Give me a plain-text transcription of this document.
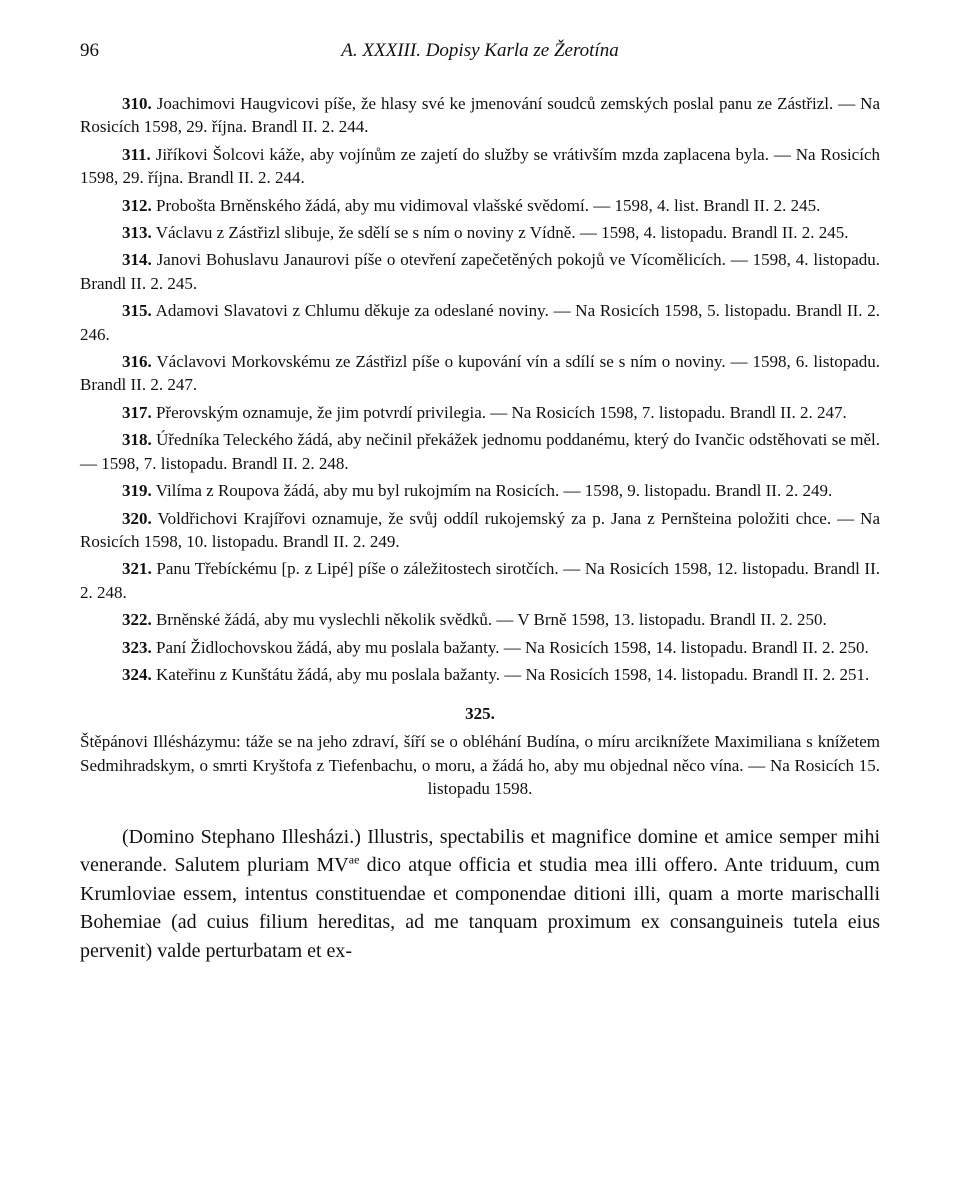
96	A. XXXIII. Dopisy Karla ze Žerotína

310. Joachimovi Haugvicovi píše, že hlasy své ke jmenování soudců zemských poslal panu ze Zástřizl. — Na Rosicích 1598, 29. října. Brandl II. 2. 244.

311. Jiříkovi Šolcovi káže, aby vojínům ze zajetí do služby se vrátivším mzda zaplacena byla. — Na Rosicích 1598, 29. října. Brandl II. 2. 244.

312. Proboštа Brněnského žádá, aby mu vidimoval vlašské svědomí. — 1598, 4. list. Brandl II. 2. 245.

313. Václavu z Zástřizl slibuje, že sdělí se s ním o noviny z Vídně. — 1598, 4. listopadu. Brandl II. 2. 245.

314. Janovi Bohuslavu Janaurovi píše o otevření zapečetěných pokojů ve Vícomělicích. — 1598, 4. listopadu. Brandl II. 2. 245.

315. Adamovi Slavatovi z Chlumu děkuje za odeslané noviny. — Na Rosicích 1598, 5. listopadu. Brandl II. 2. 246.

316. Václavovi Morkovskému ze Zástřizl píše o kupování vín a sdílí se s ním o noviny. — 1598, 6. listopadu. Brandl II. 2. 247.

317. Přerovským oznamuje, že jim potvrdí privilegia. — Na Rosicích 1598, 7. listopadu. Brandl II. 2. 247.

318. Úředníka Teleckého žádá, aby nečinil překážek jednomu poddanému, který do Ivančic odstěhovati se měl. — 1598, 7. listopadu. Brandl II. 2. 248.

319. Vilíma z Roupova žádá, aby mu byl rukojmím na Rosicích. — 1598, 9. listopadu. Brandl II. 2. 249.

320. Voldřichovi Krajířovi oznamuje, že svůj oddíl rukojemský za p. Jana z Pernšteina položiti chce. — Na Rosicích 1598, 10. listopadu. Brandl II. 2. 249.

321. Panu Třebíckému [p. z Lipé] píše o záležitostech sirotčích. — Na Rosicích 1598, 12. listopadu. Brandl II. 2. 248.

322. Brněnské žádá, aby mu vyslechli několik svědků. — V Brně 1598, 13. listopadu. Brandl II. 2. 250.

323. Paní Židlochovskou žádá, aby mu poslala bažanty. — Na Rosicích 1598, 14. listopadu. Brandl II. 2. 250.

324. Kateřinu z Kunštátu žádá, aby mu poslala bažanty. — Na Rosicích 1598, 14. listopadu. Brandl II. 2. 251.

325.
Štěpánovi Illésházymu: táže se na jeho zdraví, šíří se o obléhání Budína, o míru arciknížete Maximiliana s knížetem Sedmihradskym, o smrti Kryštofa z Tiefenbachu, o moru, a žádá ho, aby mu objednal něco vína. — Na Rosicích 15. listopadu 1598.

(Domino Stephano Illesházi.) Illustris, spectabilis et magnifice domine et amice semper mihi venerande. Salutem pluriam $MV^{ae}$ dico atque officia et studia mea illi offero. Ante triduum, cum Krumloviae essem, intentus constituendae et componendae ditioni illi, quam a morte marischalli Bohemiae (ad cuius filium hereditas, ad me tanquam proximum ex consanguineis tutela eius pervenit) valde perturbatam et ex-
